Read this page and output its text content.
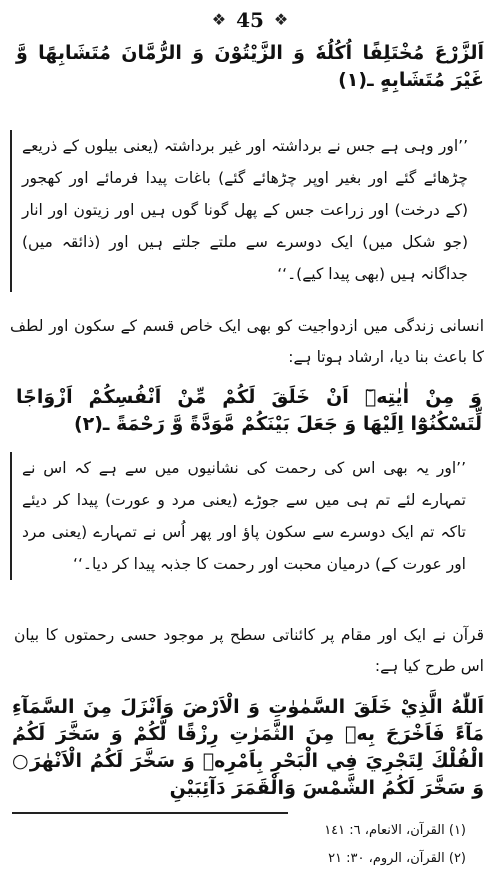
❖ 45 ❖
اَلزَّرْعَ مُخْتَلِفًا اُكُلُهٗ وَ الزَّيْتُوْنَ وَ الرُّمَّانَ مُتَشَابِهًا وَّ غَيْرَ مُتَشَابِهٍ ـ(١)
’’اور وہی ہے جس نے برداشتہ اور غیر برداشتہ (یعنی بیلوں کے ذریعے چڑھائے گئے اور بغیر اوپر چڑھائے گئے) باغات پیدا فرمائے اور کھجور (کے درخت) اور زراعت جس کے پھل گونا گوں ہیں اور زیتون اور انار (جو شکل میں) ایک دوسرے سے ملتے جلتے ہیں اور (ذائقہ میں) جداگانہ ہیں (بھی پیدا کیے)۔‘‘
انسانی زندگی میں ازدواجیت کو بھی ایک خاص قسم کے سکون اور لطف کا باعث بنا دیا، ارشاد ہوتا ہے:
وَ مِنْ اٰيٰتِهٖٓ اَنْ خَلَقَ لَكُمْ مِّنْ اَنْفُسِكُمْ اَزْوَاجًا لِّتَسْكُنُوْٓا اِلَيْهَا وَ جَعَلَ بَيْنَكُمْ مَّوَدَّةً وَّ رَحْمَةً ـ(٢)
’’اور یہ بھی اس کی رحمت کی نشانیوں میں سے ہے کہ اس نے تمہارے لئے تم ہی میں سے جوڑے (یعنی مرد و عورت) پیدا کر دیئے تاکہ تم ایک دوسرے سے سکون پاؤ اور پھر اُس نے تمہارے (یعنی مرد اور عورت کے) درمیان محبت اور رحمت کا جذبہ پیدا کر دیا۔‘‘
قرآن نے ایک اور مقام پر کائناتی سطح پر موجود حسی رحمتوں کا بیان اس طرح کیا ہے:
اَللّٰهُ الَّذِيْ خَلَقَ السَّمٰوٰتِ وَ الْاَرْضَ وَاَنْزَلَ مِنَ السَّمَآءِ مَآءً فَاَخْرَجَ بِهٖ مِنَ الثَّمَرٰتِ رِزْقًا لَّكُمْ وَ سَخَّرَ لَكُمُ الْفُلْكَ لِتَجْرِيَ فِي الْبَحْرِ بِاَمْرِهٖ وَ سَخَّرَ لَكُمُ الْاَنْهٰرَ○ وَ سَخَّرَ لَكُمُ الشَّمْسَ وَالْقَمَرَ دَآئِبَيْنِ
(١) القرآن، الانعام، ٦: ١٤١
(٢) القرآن، الروم، ٣٠: ٢١
